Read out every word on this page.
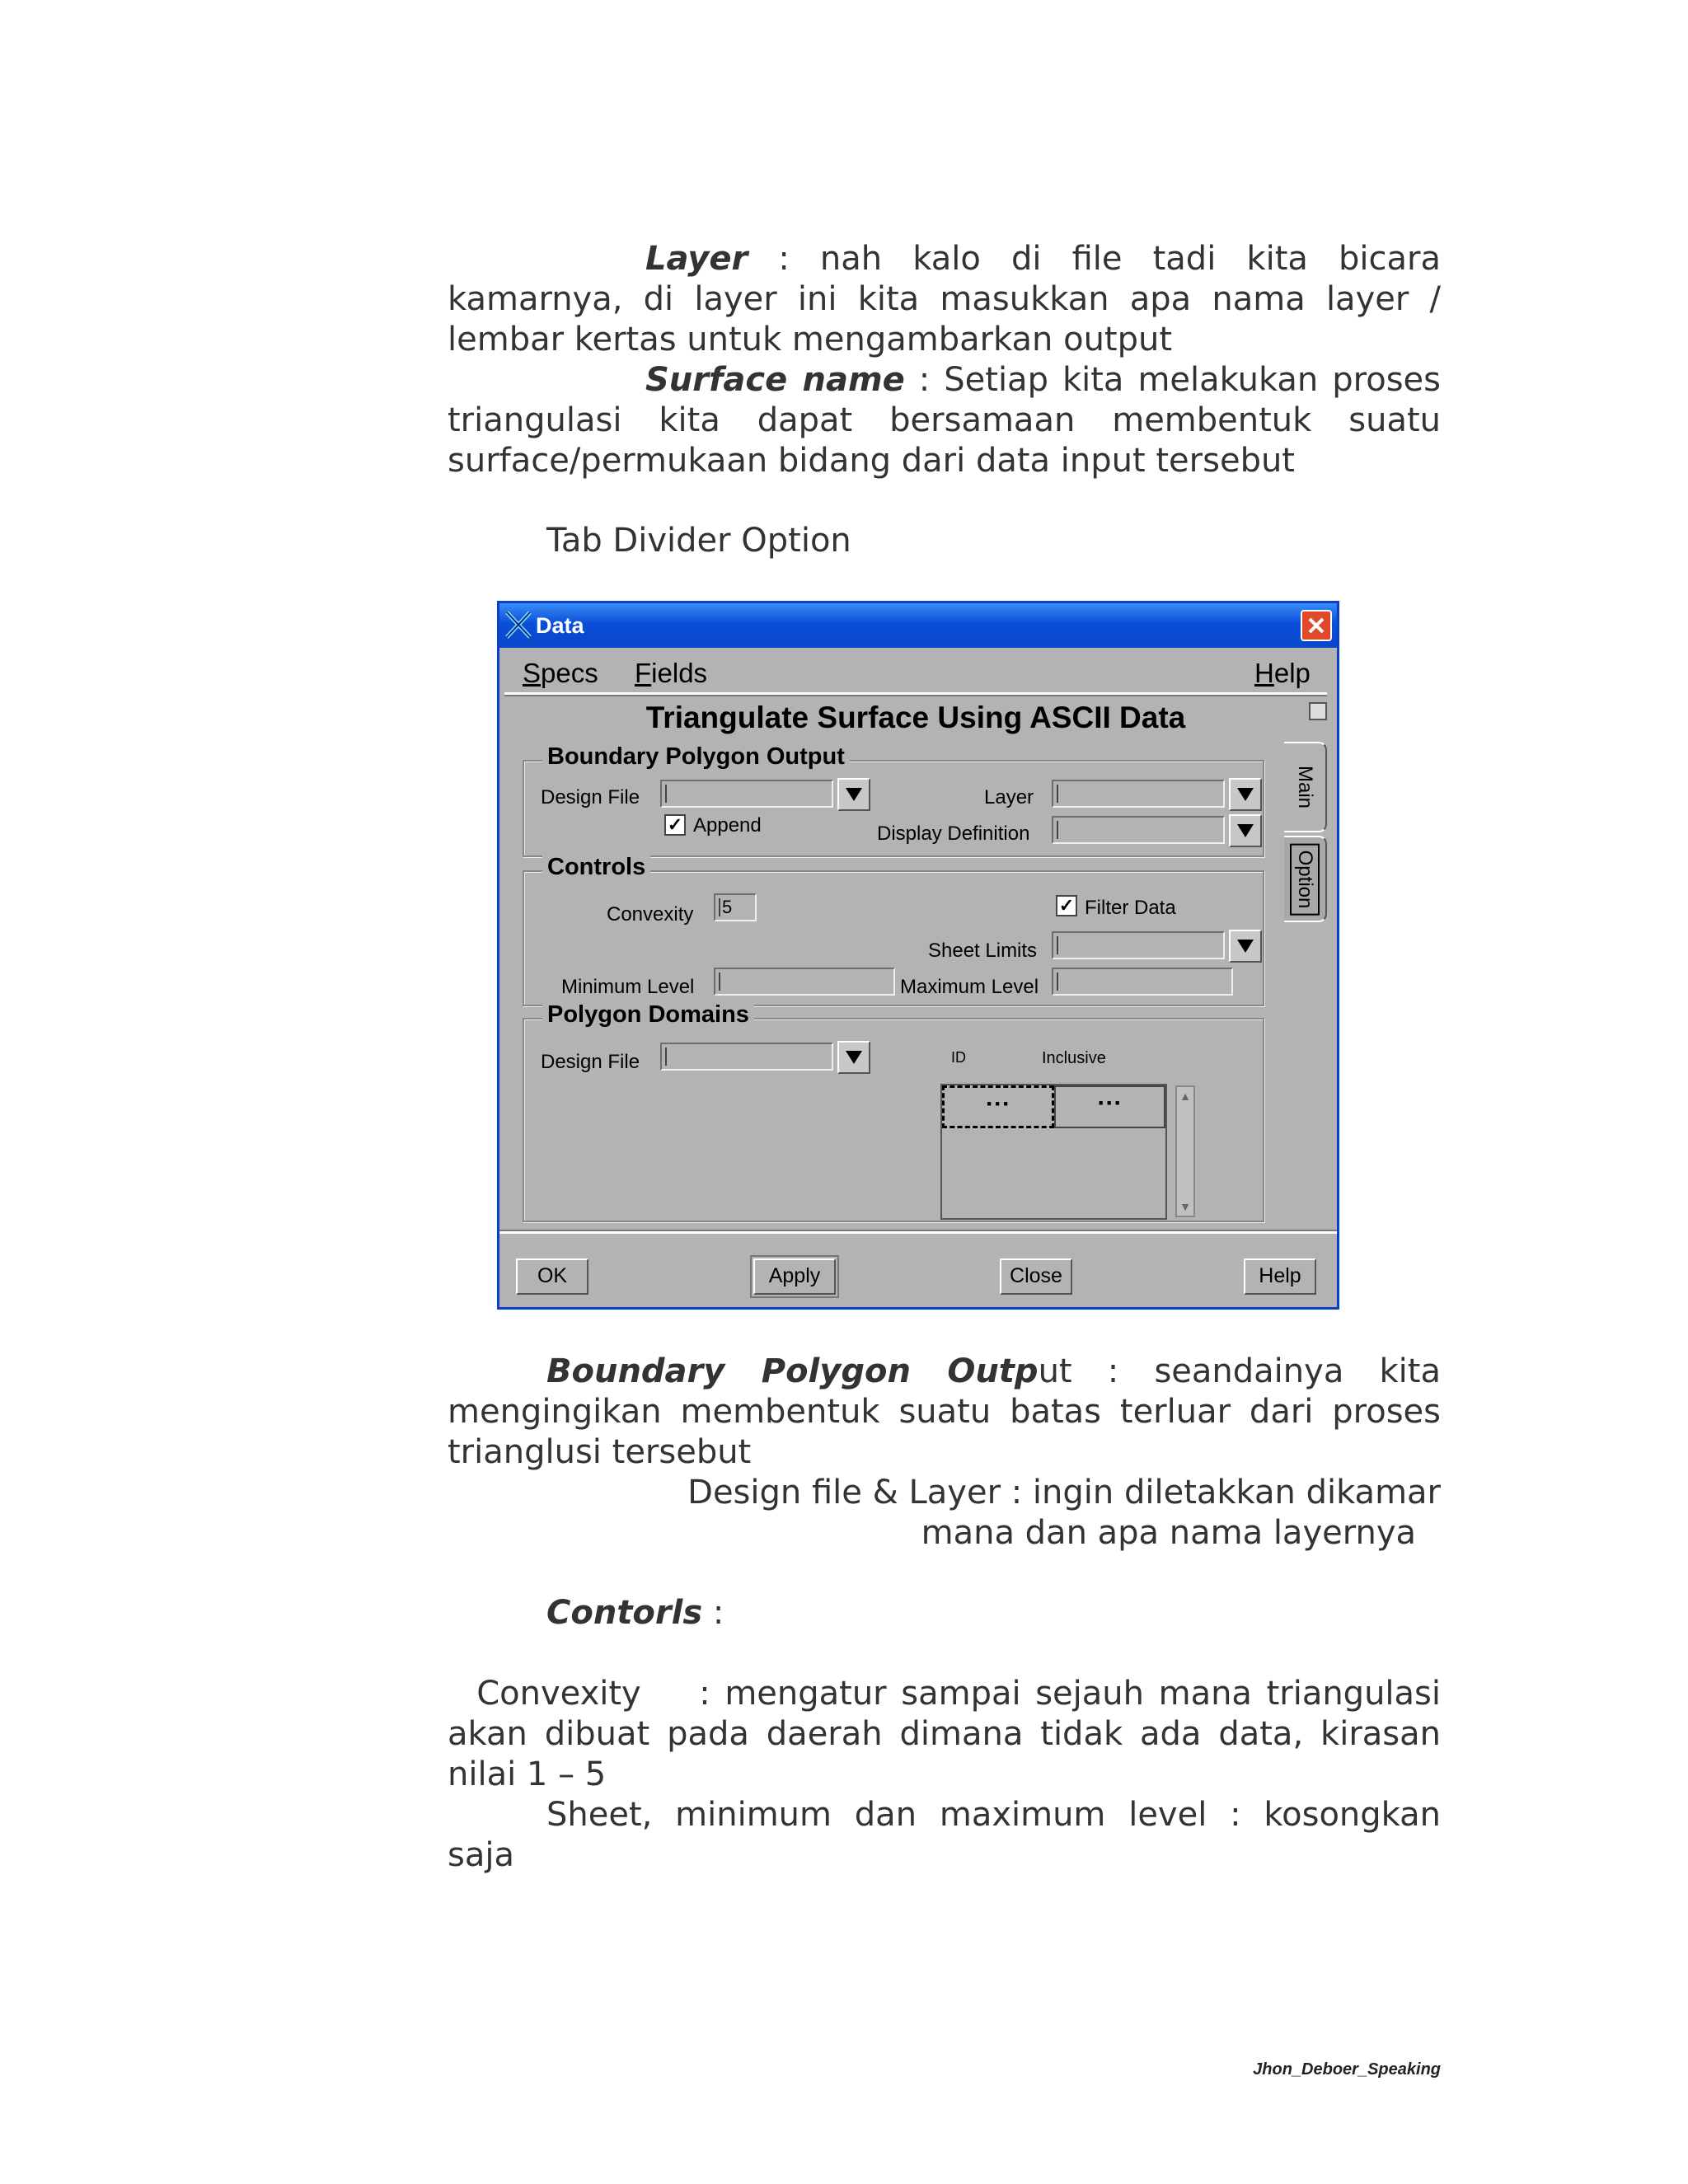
Layer : nah kalo di file tadi kita bicara kamarnya, di layer ini kita masukkan apa nama layer / lembar kertas untuk mengambarkan output
Surface name : Setiap kita melakukan proses triangulasi kita dapat bersamaan membentuk suatu surface/permukaan bidang dari data input tersebut
Tab Divider Option
Data
Specs Fields	Help
Triangulate Surface Using ASCII Data
Boundary Polygon Output
Design File	Layer
✓ Append	Display Definition
Controls
Convexity	5	✓ Filter Data
Sheet Limits
Minimum Level	Maximum Level
Polygon Domains
Design File	ID	Inclusive
···	···	▲
▼
Main
Option
OK	Apply	Close	Help
Boundary Polygon Output : seandainya kita mengingikan membentuk suatu batas terluar dari proses trianglusi tersebut
Design file & Layer : ingin diletakkan dikamar
mana dan apa nama layernya
Contorls :

Convexity    : mengatur sampai sejauh mana triangulasi akan dibuat pada daerah dimana tidak ada data, kirasan nilai 1 – 5

Sheet, minimum dan maximum level : kosongkan saja
Jhon_Deboer_Speaking
